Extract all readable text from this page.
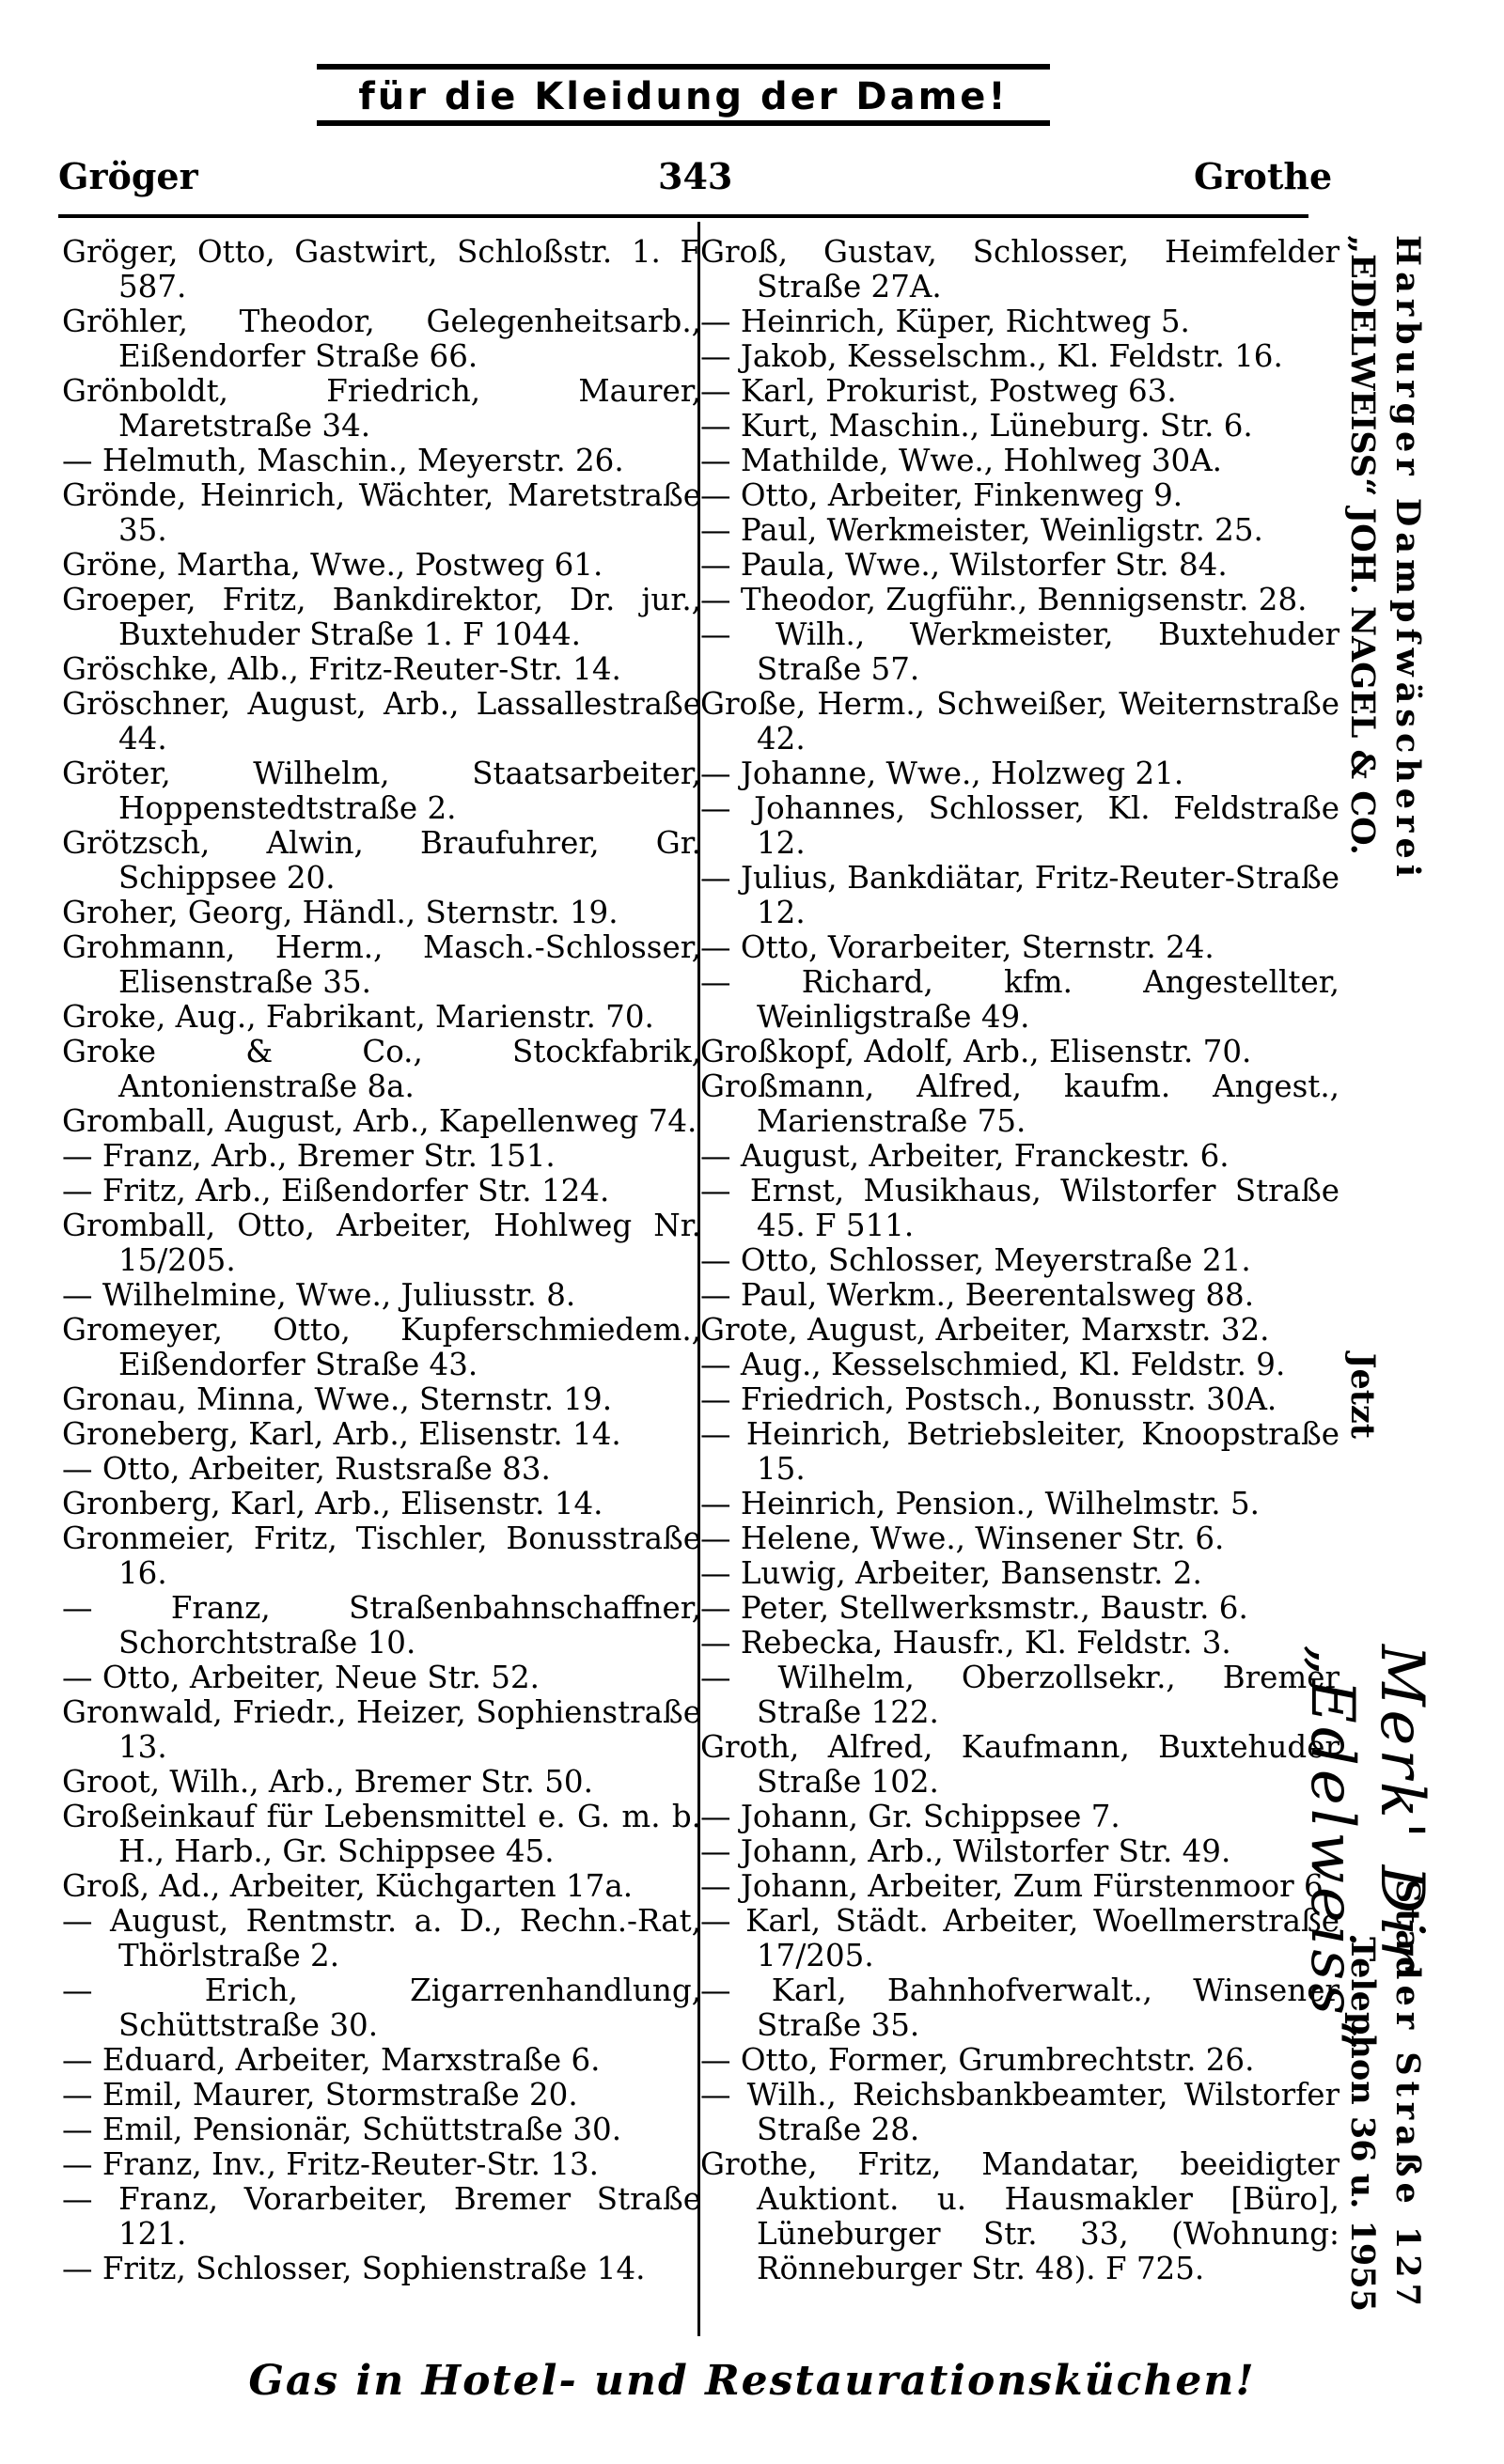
für die Kleidung der Dame!
Gröger	343	Grothe

Gröger, Otto, Gastwirt, Schloßstr. 1. F 587.

Gröhler, Theodor, Gelegenheitsarb., Eißendorfer Straße 66.

Grönboldt, Friedrich, Maurer, Maretstraße 34.

— Helmuth, Maschin., Meyerstr. 26.

Grönde, Heinrich, Wächter, Maretstraße 35.

Gröne, Martha, Wwe., Postweg 61.

Groeper, Fritz, Bankdirektor, Dr. jur., Buxtehuder Straße 1. F 1044.

Gröschke, Alb., Fritz-Reuter-Str. 14.

Gröschner, August, Arb., Lassallestraße 44.

Gröter, Wilhelm, Staatsarbeiter, Hoppenstedtstraße 2.

Grötzsch, Alwin, Braufuhrer, Gr. Schippsee 20.

Groher, Georg, Händl., Sternstr. 19.

Grohmann, Herm., Masch.-Schlosser, Elisenstraße 35.

Groke, Aug., Fabrikant, Marienstr. 70.

Groke & Co., Stockfabrik, Antonienstraße 8a.

Gromball, August, Arb., Kapellenweg 74.

— Franz, Arb., Bremer Str. 151.

— Fritz, Arb., Eißendorfer Str. 124.

Gromball, Otto, Arbeiter, Hohlweg Nr. 15/205.

— Wilhelmine, Wwe., Juliusstr. 8.

Gromeyer, Otto, Kupferschmiedem., Eißendorfer Straße 43.

Gronau, Minna, Wwe., Sternstr. 19.

Groneberg, Karl, Arb., Elisenstr. 14.

— Otto, Arbeiter, Rustsraße 83.

Gronberg, Karl, Arb., Elisenstr. 14.

Gronmeier, Fritz, Tischler, Bonusstraße 16.

— Franz, Straßenbahnschaffner, Schorchtstraße 10.

— Otto, Arbeiter, Neue Str. 52.

Gronwald, Friedr., Heizer, Sophienstraße 13.

Groot, Wilh., Arb., Bremer Str. 50.

Großeinkauf für Lebensmittel e. G. m. b. H., Harb., Gr. Schippsee 45.

Groß, Ad., Arbeiter, Küchgarten 17a.

— August, Rentmstr. a. D., Rechn.-Rat, Thörlstraße 2.

— Erich, Zigarrenhandlung, Schüttstraße 30.

— Eduard, Arbeiter, Marxstraße 6.

— Emil, Maurer, Stormstraße 20.

— Emil, Pensionär, Schüttstraße 30.

— Franz, Inv., Fritz-Reuter-Str. 13.

— Franz, Vorarbeiter, Bremer Straße 121.

— Fritz, Schlosser, Sophienstraße 14.

Groß, Gustav, Schlosser, Heimfelder Straße 27A.

— Heinrich, Küper, Richtweg 5.

— Jakob, Kesselschm., Kl. Feldstr. 16.

— Karl, Prokurist, Postweg 63.

— Kurt, Maschin., Lüneburg. Str. 6.

— Mathilde, Wwe., Hohlweg 30A.

— Otto, Arbeiter, Finkenweg 9.

— Paul, Werkmeister, Weinligstr. 25.

— Paula, Wwe., Wilstorfer Str. 84.

— Theodor, Zugführ., Bennigsenstr. 28.

— Wilh., Werkmeister, Buxtehuder Straße 57.

Große, Herm., Schweißer, Weiternstraße 42.

— Johanne, Wwe., Holzweg 21.

— Johannes, Schlosser, Kl. Feldstraße 12.

— Julius, Bankdiätar, Fritz-Reuter-Straße 12.

— Otto, Vorarbeiter, Sternstr. 24.

— Richard, kfm. Angestellter, Weinligstraße 49.

Großkopf, Adolf, Arb., Elisenstr. 70.

Großmann, Alfred, kaufm. Angest., Marienstraße 75.

— August, Arbeiter, Franckestr. 6.

— Ernst, Musikhaus, Wilstorfer Straße 45. F 511.

— Otto, Schlosser, Meyerstraße 21.

— Paul, Werkm., Beerentalsweg 88.

Grote, August, Arbeiter, Marxstr. 32.

— Aug., Kesselschmied, Kl. Feldstr. 9.

— Friedrich, Postsch., Bonusstr. 30A.

— Heinrich, Betriebsleiter, Knoopstraße 15.

— Heinrich, Pension., Wilhelmstr. 5.

— Helene, Wwe., Winsener Str. 6.

— Luwig, Arbeiter, Bansenstr. 2.

— Peter, Stellwerksmstr., Baustr. 6.

— Rebecka, Hausfr., Kl. Feldstr. 3.

— Wilhelm, Oberzollsekr., Bremer Straße 122.

Groth, Alfred, Kaufmann, Buxtehuder Straße 102.

— Johann, Gr. Schippsee 7.

— Johann, Arb., Wilstorfer Str. 49.

— Johann, Arbeiter, Zum Fürstenmoor 6.

— Karl, Städt. Arbeiter, Woellmerstraße 17/205.

— Karl, Bahnhofverwalt., Winsener Straße 35.

— Otto, Former, Grumbrechtstr. 26.

— Wilh., Reichsbankbeamter, Wilstorfer Straße 28.

Grothe, Fritz, Mandatar, beeidigter Auktiont. u. Hausmakler [Büro], Lüneburger Str. 33, (Wohnung: Rönneburger Str. 48). F 725.

Harburger Dampfwäscherei
Stader Straße 127
„EDELWEISS“ JOH. NAGEL & CO.
Jetzt
Telephon 36 u. 1955
Merk' Dir „Edelweiss“
Gas in Hotel- und Restaurationsküchen!
